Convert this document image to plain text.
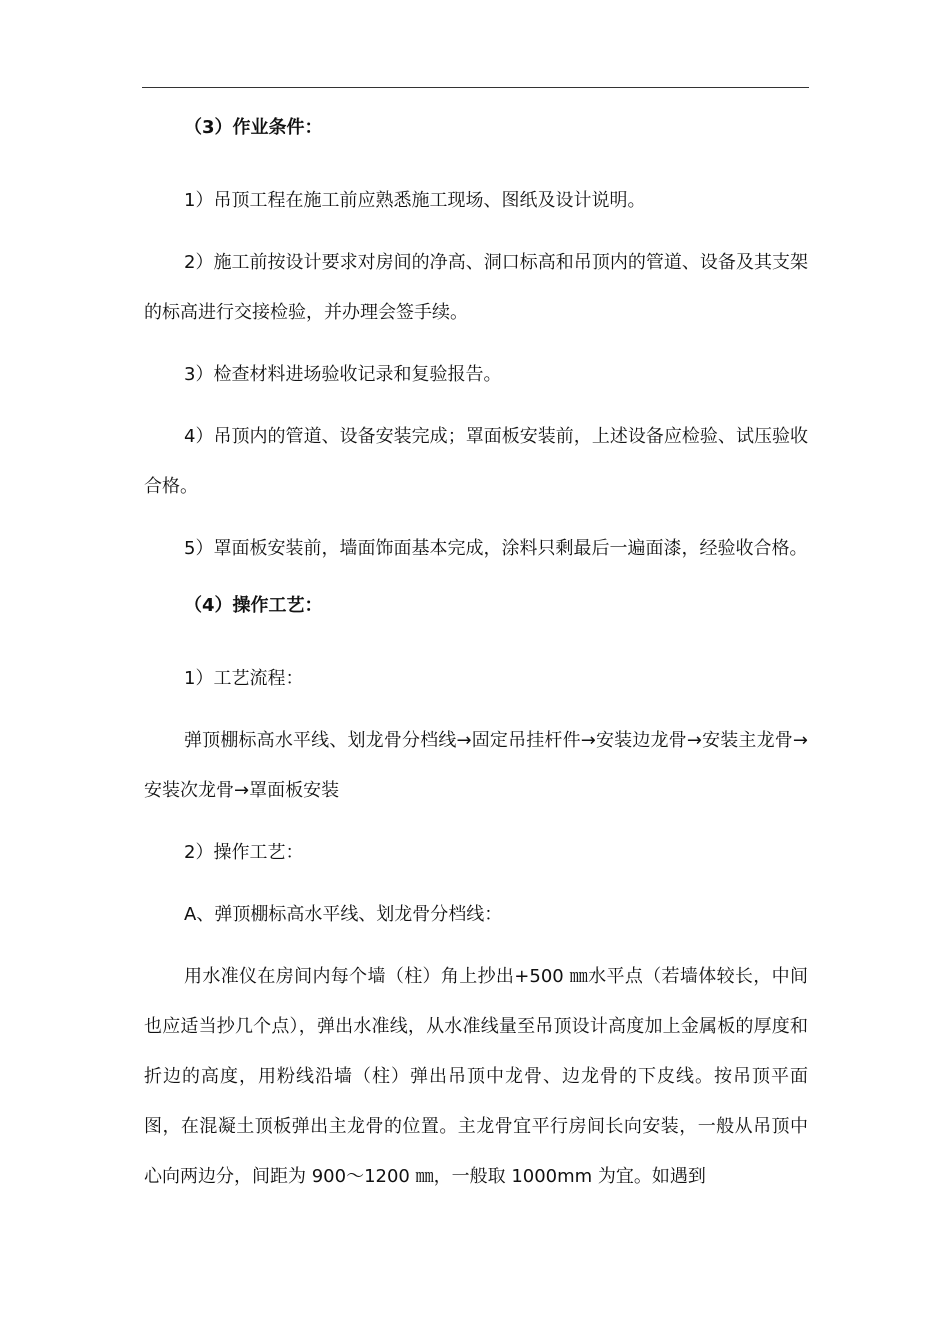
（3）作业条件：

1）吊顶工程在施工前应熟悉施工现场、图纸及设计说明。

2）施工前按设计要求对房间的净高、洞口标高和吊顶内的管道、设备及其支架的标高进行交接检验，并办理会签手续。

3）检查材料进场验收记录和复验报告。

4）吊顶内的管道、设备安装完成；罩面板安装前，上述设备应检验、试压验收合格。

5）罩面板安装前，墙面饰面基本完成，涂料只剩最后一遍面漆，经验收合格。

（4）操作工艺：

1）工艺流程：

弹顶棚标高水平线、划龙骨分档线→固定吊挂杆件→安装边龙骨→安装主龙骨→安装次龙骨→罩面板安装

2）操作工艺：

A、弹顶棚标高水平线、划龙骨分档线：

用水准仪在房间内每个墙（柱）角上抄出+500 ㎜水平点（若墙体较长，中间也应适当抄几个点），弹出水准线，从水准线量至吊顶设计高度加上金属板的厚度和折边的高度，用粉线沿墙（柱）弹出吊顶中龙骨、边龙骨的下皮线。按吊顶平面图，在混凝土顶板弹出主龙骨的位置。主龙骨宜平行房间长向安装，一般从吊顶中心向两边分，间距为 900～1200 ㎜，一般取 1000mm 为宜。如遇到
